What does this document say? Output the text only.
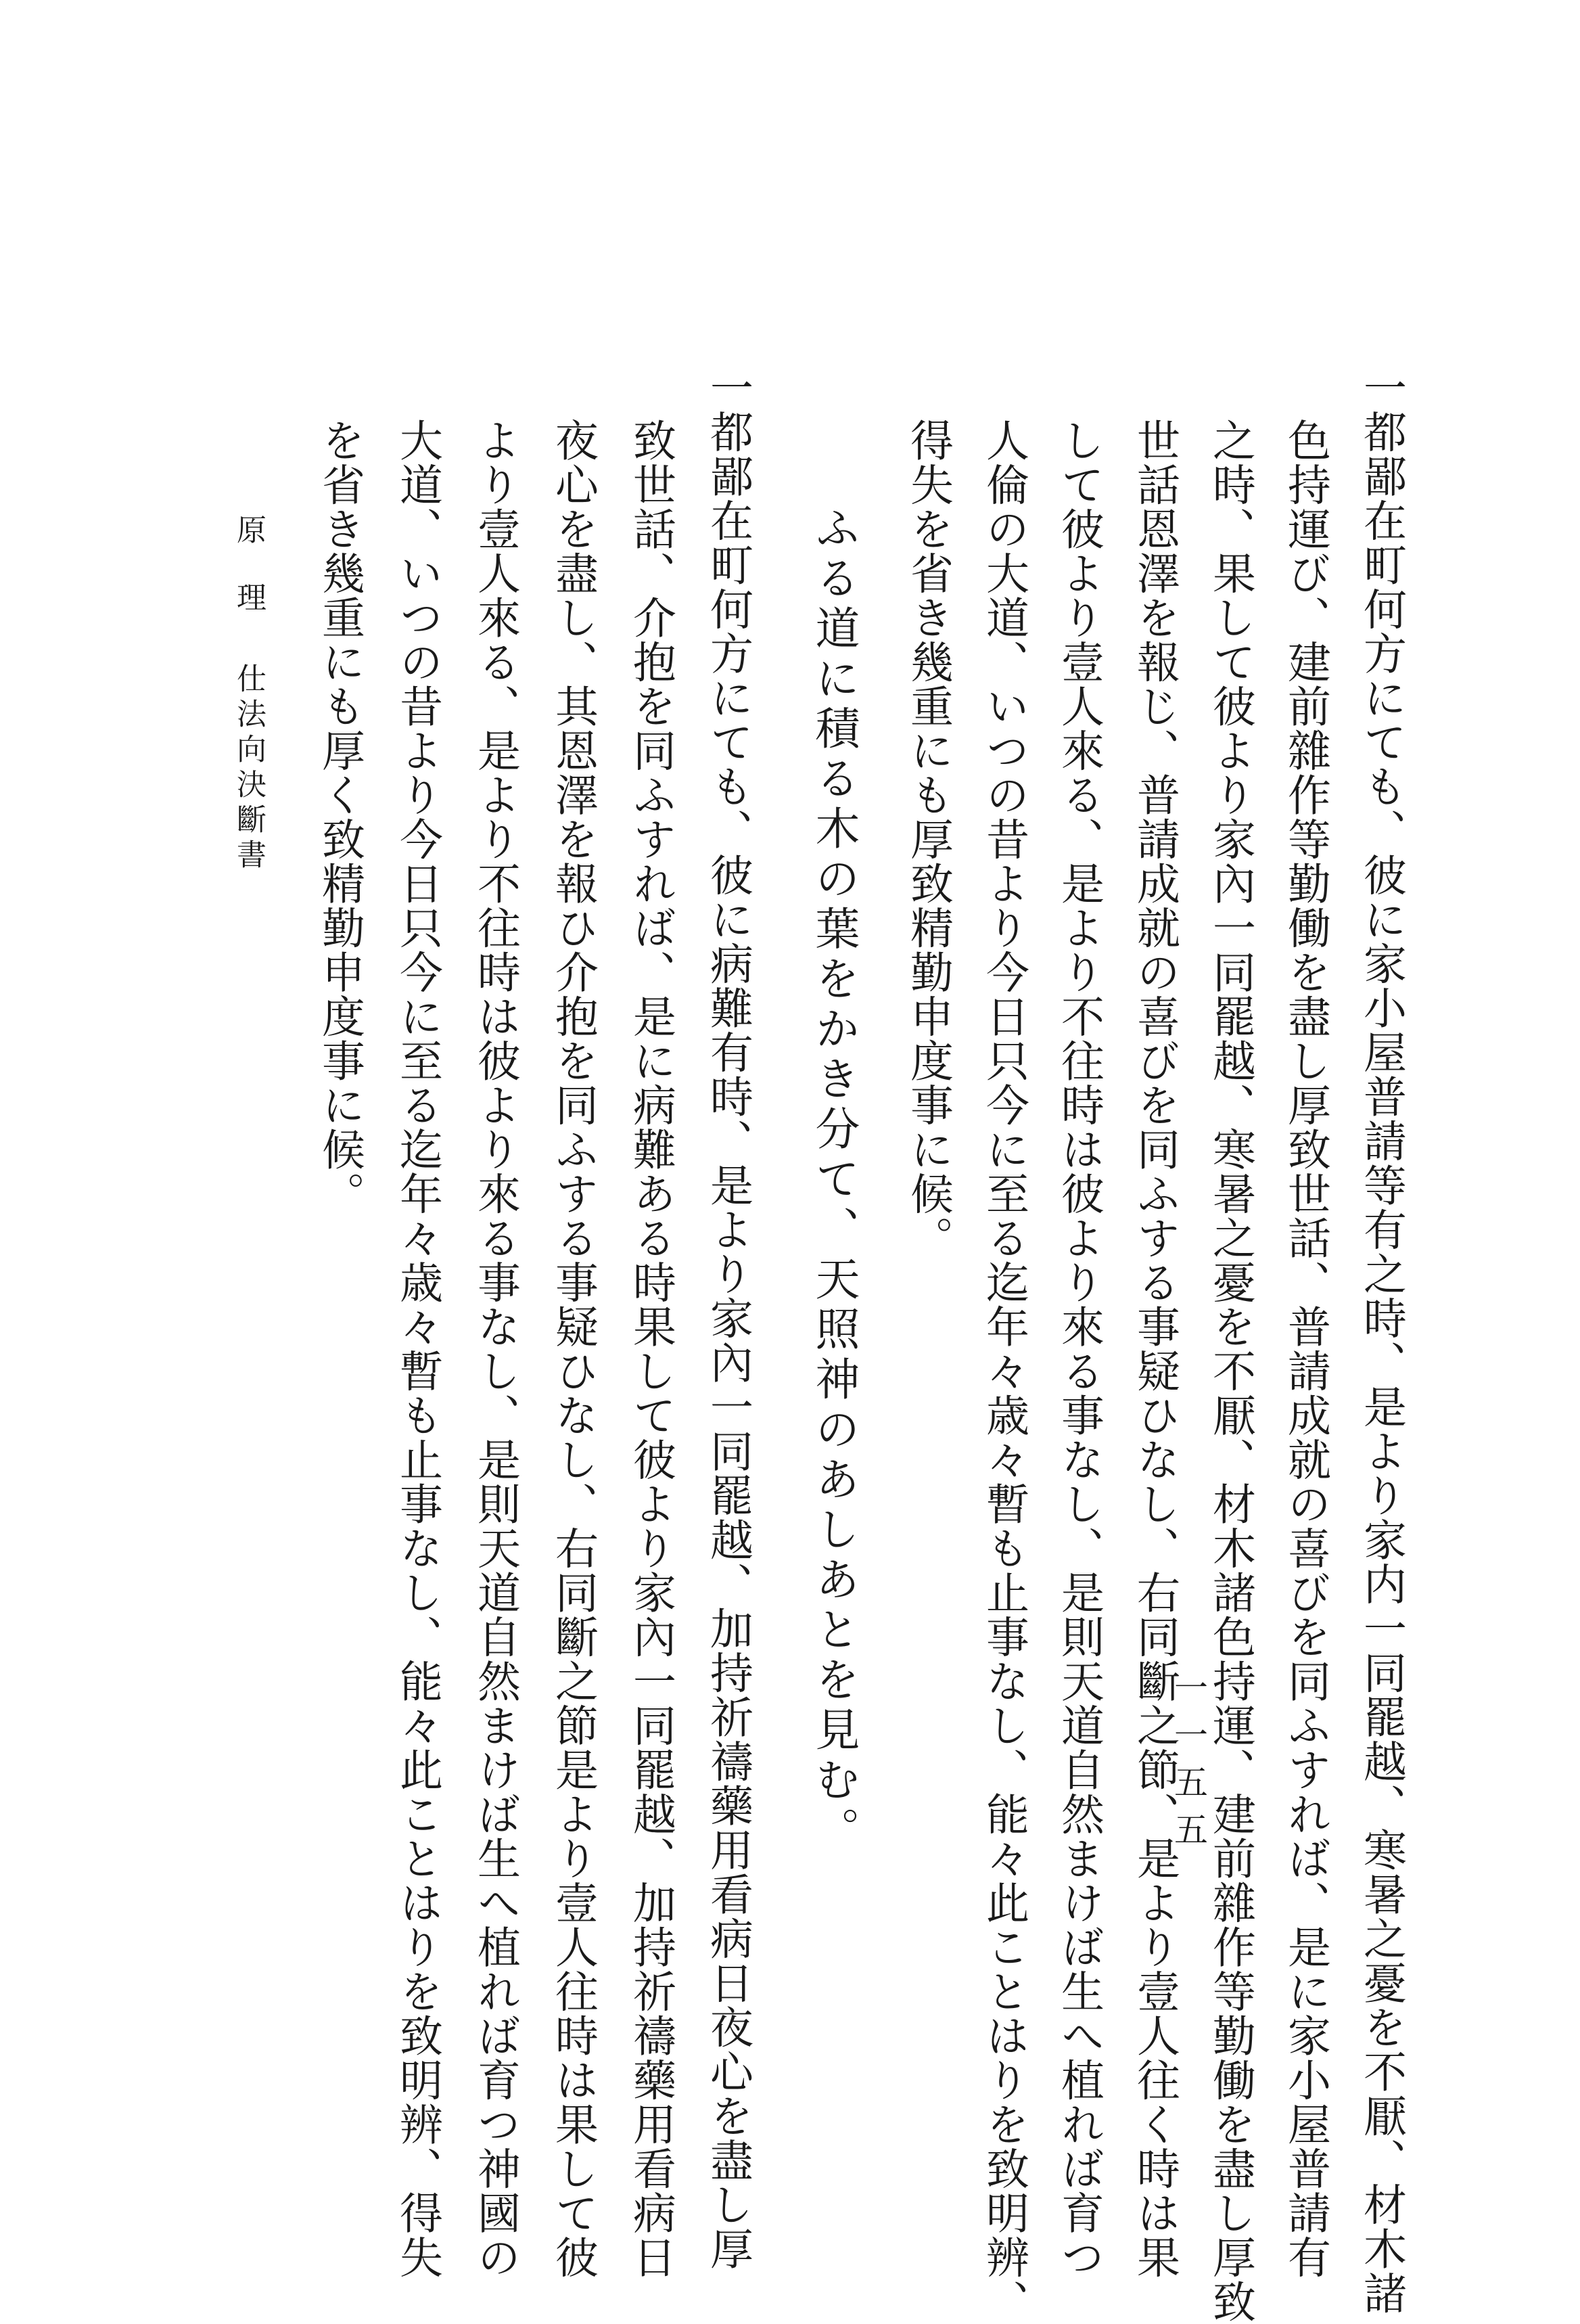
一都鄙在町何方にても、彼に家小屋普請等有之時、是より家内一同罷越、寒暑之憂を不厭、材木諸
色持運び、建前雜作等勤働を盡し厚致世話、普請成就の喜びを同ふすれば、是に家小屋普請有
之時、果して彼より家內一同罷越、寒暑之憂を不厭、材木諸色持運、建前雜作等勤働を盡し厚致
世話恩澤を報じ、普請成就の喜びを同ふする事疑ひなし、右同斷之節、是より壹人往く時は果
して彼より壹人來る、是より不往時は彼より來る事なし、是則天道自然まけば生へ植れば育つ
人倫の大道、いつの昔より今日只今に至る迄年々歳々暫も止事なし、能々此ことはりを致明辨、
得失を省き幾重にも厚致精勤申度事に候。
ふる道に積る木の葉をかき分て、天照神のあしあとを見む。
一都鄙在町何方にても、彼に病難有時、是より家內一同罷越、加持祈禱藥用看病日夜心を盡し厚
致世話、介抱を同ふすれば、是に病難ある時果して彼より家內一同罷越、加持祈禱藥用看病日
夜心を盡し、其恩澤を報ひ介抱を同ふする事疑ひなし、右同斷之節是より壹人往時は果して彼
より壹人來る、是より不往時は彼より來る事なし、是則天道自然まけば生へ植れば育つ神國の
大道、いつの昔より今日只今に至る迄年々歳々暫も止事なし、能々此ことはりを致明辨、得失
を省き幾重にも厚く致精勤申度事に候。
一一五五
原　理
仕法向決斷書
